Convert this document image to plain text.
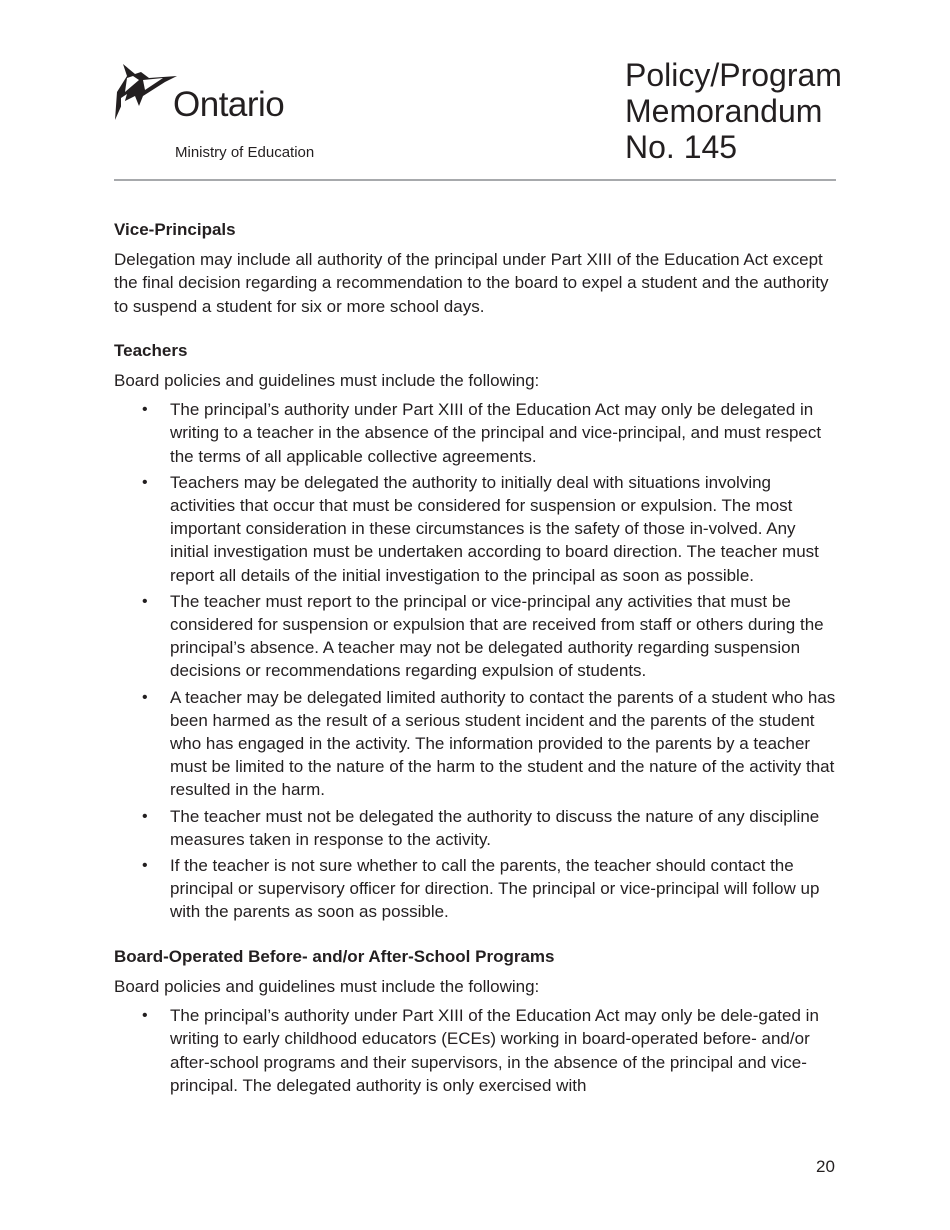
Ontario
Ministry of Education
Policy/Program
Memorandum
No. 145
Vice-Principals

Delegation may include all authority of the principal under Part XIII of the Education Act except the final decision regarding a recommendation to the board to expel a student and the authority to suspend a student for six or more school days.

Teachers

Board policies and guidelines must include the following:

• The principal’s authority under Part XIII of the Education Act may only be delegated in writing to a teacher in the absence of the principal and vice-principal, and must respect the terms of all applicable collective agreements.
• Teachers may be delegated the authority to initially deal with situations involving activities that occur that must be considered for suspension or expulsion. The most important consideration in these circumstances is the safety of those in-volved. Any initial investigation must be undertaken according to board direction. The teacher must report all details of the initial investigation to the principal as soon as possible.
• The teacher must report to the principal or vice-principal any activities that must be considered for suspension or expulsion that are received from staff or others during the principal’s absence. A teacher may not be delegated authority regarding suspension decisions or recommendations regarding expulsion of students.
• A teacher may be delegated limited authority to contact the parents of a student who has been harmed as the result of a serious student incident and the parents of the student who has engaged in the activity. The information provided to the parents by a teacher must be limited to the nature of the harm to the student and the nature of the activity that resulted in the harm.
• The teacher must not be delegated the authority to discuss the nature of any discipline measures taken in response to the activity.
• If the teacher is not sure whether to call the parents, the teacher should contact the principal or supervisory officer for direction. The principal or vice-principal will follow up with the parents as soon as possible.
Board-Operated Before- and/or After-School Programs

Board policies and guidelines must include the following:

• The principal’s authority under Part XIII of the Education Act may only be dele-gated in writing to early childhood educators (ECEs) working in board-operated before- and/or after-school programs and their supervisors, in the absence of the principal and vice-principal. The delegated authority is only exercised with
20
